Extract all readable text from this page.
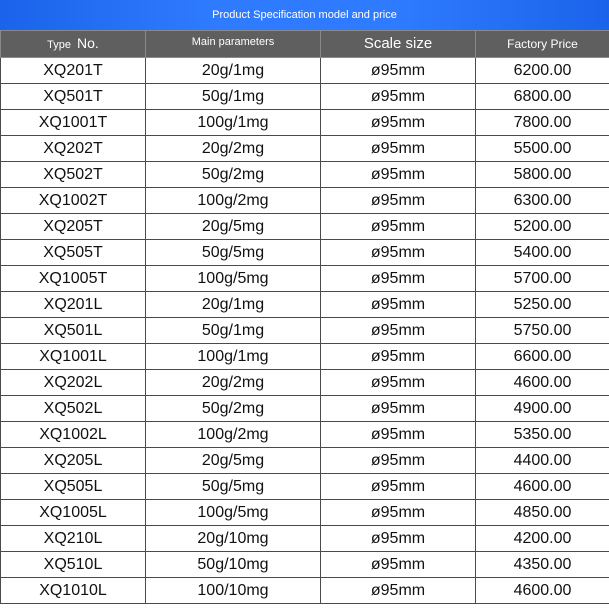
Product Specification model and price
Type No.	Main parameters	Scale size	Factory Price
XQ201T	20g/1mg	ø95mm	6200.00
XQ501T	50g/1mg	ø95mm	6800.00
XQ1001T	100g/1mg	ø95mm	7800.00
XQ202T	20g/2mg	ø95mm	5500.00
XQ502T	50g/2mg	ø95mm	5800.00
XQ1002T	100g/2mg	ø95mm	6300.00
XQ205T	20g/5mg	ø95mm	5200.00
XQ505T	50g/5mg	ø95mm	5400.00
XQ1005T	100g/5mg	ø95mm	5700.00
XQ201L	20g/1mg	ø95mm	5250.00
XQ501L	50g/1mg	ø95mm	5750.00
XQ1001L	100g/1mg	ø95mm	6600.00
XQ202L	20g/2mg	ø95mm	4600.00
XQ502L	50g/2mg	ø95mm	4900.00
XQ1002L	100g/2mg	ø95mm	5350.00
XQ205L	20g/5mg	ø95mm	4400.00
XQ505L	50g/5mg	ø95mm	4600.00
XQ1005L	100g/5mg	ø95mm	4850.00
XQ210L	20g/10mg	ø95mm	4200.00
XQ510L	50g/10mg	ø95mm	4350.00
XQ1010L	100/10mg	ø95mm	4600.00
